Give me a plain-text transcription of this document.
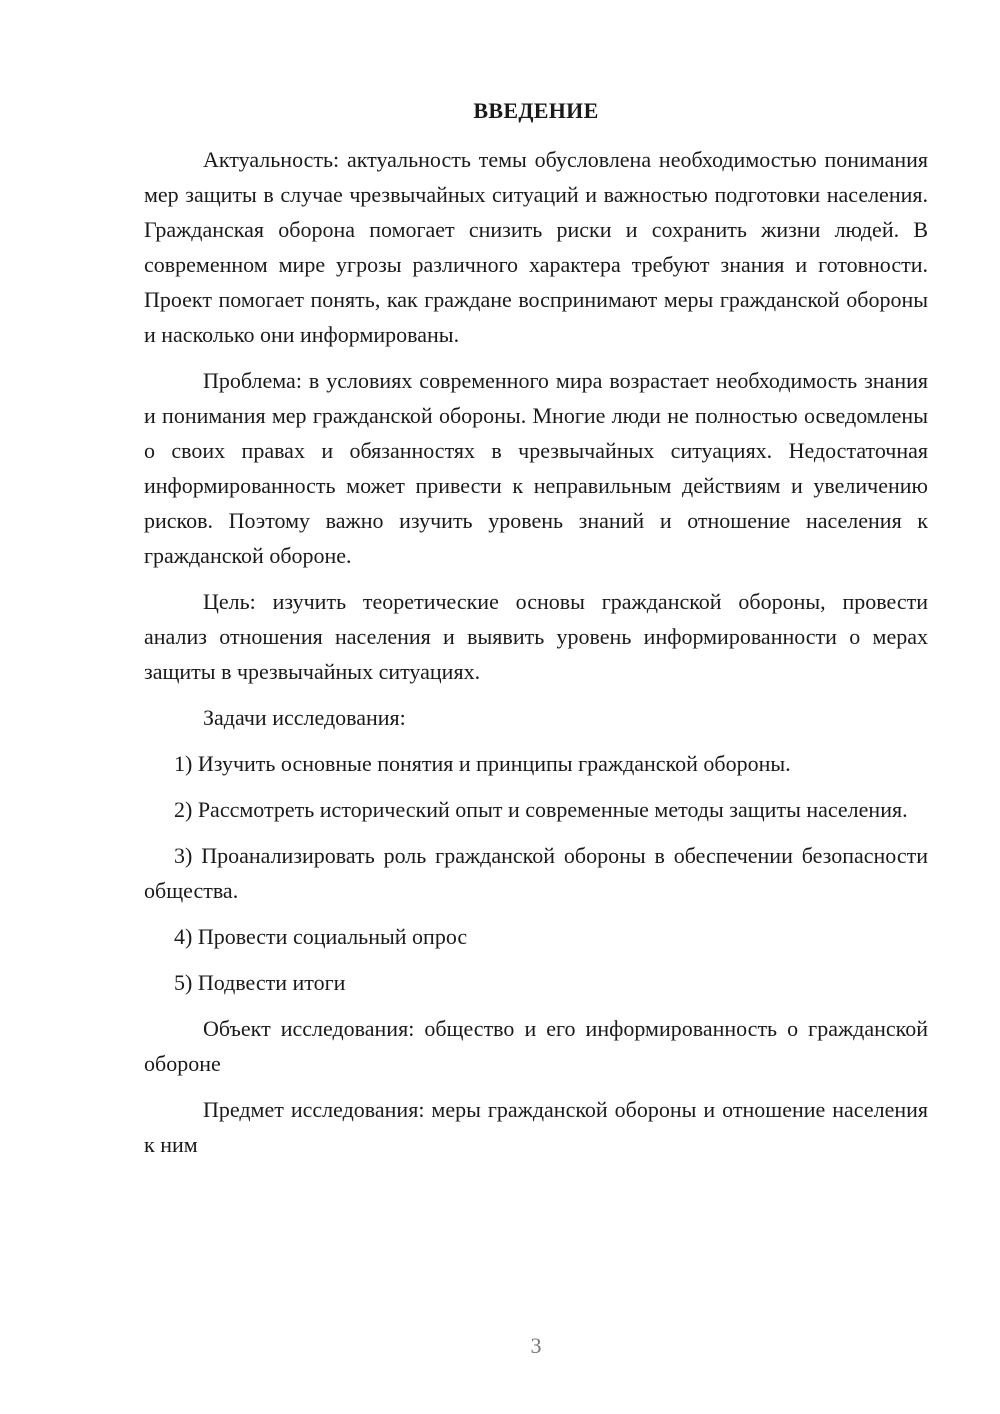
ВВЕДЕНИЕ

Актуальность: актуальность темы обусловлена необходимостью понимания мер защиты в случае чрезвычайных ситуаций и важностью подготовки населения. Гражданская оборона помогает снизить риски и сохранить жизни людей. В современном мире угрозы различного характера требуют знания и готовности. Проект помогает понять, как граждане воспринимают меры гражданской обороны и насколько они информированы.

Проблема: в условиях современного мира возрастает необходимость знания и понимания мер гражданской обороны. Многие люди не полностью осведомлены о своих правах и обязанностях в чрезвычайных ситуациях. Недостаточная информированность может привести к неправильным действиям и увеличению рисков. Поэтому важно изучить уровень знаний и отношение населения к гражданской обороне.

Цель: изучить теоретические основы гражданской обороны, провести анализ отношения населения и выявить уровень информированности о мерах защиты в чрезвычайных ситуациях.

Задачи исследования:

1) Изучить основные понятия и принципы гражданской обороны.

2) Рассмотреть исторический опыт и современные методы защиты населения.

3) Проанализировать роль гражданской обороны в обеспечении безопасности общества.

4) Провести социальный опрос

5) Подвести итоги

Объект исследования: общество и его информированность о гражданской обороне

Предмет исследования: меры гражданской обороны и отношение населения к ним

3
